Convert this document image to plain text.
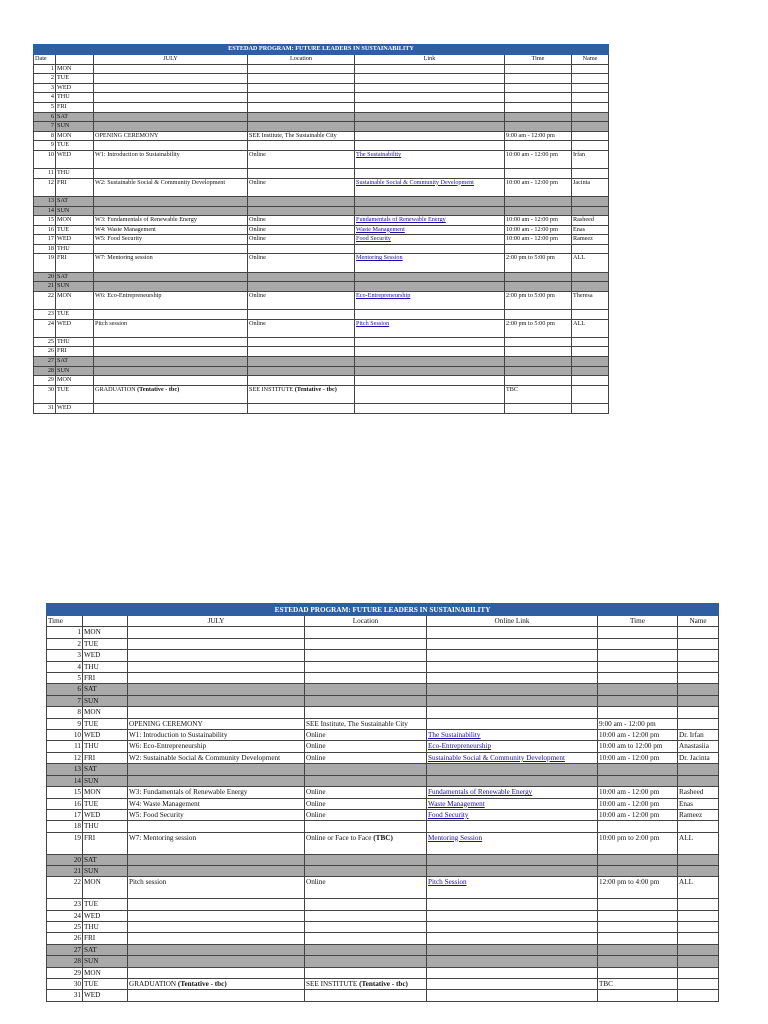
ESTEDAD PROGRAM: FUTURE LEADERS IN SUSTAINABILITY						
Date		JULY	Location	Link	Time	Name
1	MON					
2	TUE					
3	WED					
4	THU					
5	FRI					
6	SAT					
7	SUN					
8	MON	OPENING CEREMONY	SEE Institute, The Sustainable City		9:00 am - 12:00 pm	
9	TUE					
10	WED	W1: Introduction to Sustainability	Online	The Sustainability	10:00 am - 12:00 pm	Irfan
11	THU					
12	FRI	W2: Sustainable Social & Community Development	Online	Sustainable Social & Community Development	10:00 am - 12:00 pm	Jacinta
13	SAT					
14	SUN					
15	MON	W3: Fundamentals of Renewable Energy	Online	Fundamentals of Renewable Energy	10:00 am - 12:00 pm	Rasheed
16	TUE	W4: Waste Management	Online	Waste Management	10:00 am - 12:00 pm	Enas
17	WED	W5: Food Security	Online	Food Security	10:00 am - 12:00 pm	Rameez
18	THU					
19	FRI	W7: Mentoring session	Online	Mentoring Session	2:00 pm to 5:00 pm	ALL
20	SAT					
21	SUN					
22	MON	W6: Eco-Entrepreneurship	Online	Eco-Entrepreneurship	2:00 pm to 5:00 pm	Theresa
23	TUE					
24	WED	Pitch session	Online	Pitch Session	2:00 pm to 5:00 pm	ALL
25	THU					
26	FRI					
27	SAT					
28	SUN					
29	MON					
30	TUE	GRADUATION (Tentative - tbc)	SEE INSTITUTE (Tentative - tbc)		TBC	
31	WED					
ESTEDAD PROGRAM: FUTURE LEADERS IN SUSTAINABILITY						
Time		JULY	Location	Online Link	Time	Name
1	MON					
2	TUE					
3	WED					
4	THU					
5	FRI					
6	SAT					
7	SUN					
8	MON					
9	TUE	OPENING CEREMONY	SEE Institute, The Sustainable City		9:00 am - 12:00 pm	
10	WED	W1: Introduction to Sustainability	Online	The Sustainability	10:00 am - 12:00 pm	Dr. Irfan
11	THU	W6: Eco-Entrepreneurship	Online	Eco-Entrepreneurship	10:00 am to 12:00 pm	Anastasiia
12	FRI	W2: Sustainable Social & Community Development	Online	Sustainable Social & Community Development	10:00 am - 12:00 pm	Dr. Jacinta
13	SAT					
14	SUN					
15	MON	W3: Fundamentals of Renewable Energy	Online	Fundamentals of Renewable Energy	10:00 am - 12:00 pm	Rasheed
16	TUE	W4: Waste Management	Online	Waste Management	10:00 am - 12:00 pm	Enas
17	WED	W5: Food Security	Online	Food Security	10:00 am - 12:00 pm	Rameez
18	THU					
19	FRI	W7: Mentoring session	Online or Face to Face (TBC)	Mentoring Session	10:00 pm to 2:00 pm	ALL
20	SAT					
21	SUN					
22	MON	Pitch session	Online	Pitch Session	12:00 pm to 4:00 pm	ALL
23	TUE					
24	WED					
25	THU					
26	FRI					
27	SAT					
28	SUN					
29	MON					
30	TUE	GRADUATION (Tentative - tbc)	SEE INSTITUTE (Tentative - tbc)		TBC	
31	WED					
